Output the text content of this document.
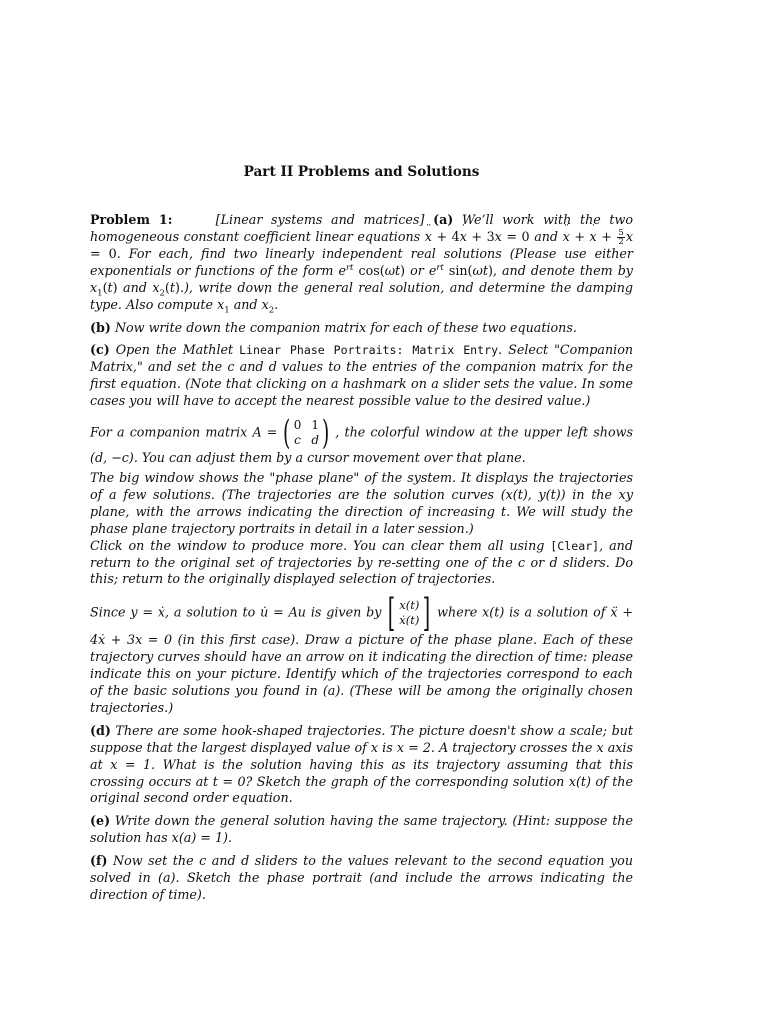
Part II Problems and Solutions

Problem 1:	[Linear systems and matrices] (a) We’ll work with the two homogeneous constant coefficient linear equations x ¨ + 4x ˙ + 3x = 0 and x ¨ + x ˙ + $\frac{5}{2}$ x = 0. For each, find two linearly independent real solutions (Please use either exponentials or functions of the form $e^{rt}$ cos(ωt) or $e^{rt}$ sin(ωt), and denote them by $x_1(t)$ and $x_2(t)$.), write down the general real solution, and determine the damping type. Also compute x $˙_1$ and x $˙_2$.

(b) Now write down the companion matrix for each of these two equations.

(c) Open the Mathlet Linear Phase Portraits: Matrix Entry. Select "Companion Matrix," and set the c and d values to the entries of the companion matrix for the first equation. (Note that clicking on a hashmark on a slider sets the value. In some cases you will have to accept the nearest possible value to the desired value.)

For a companion matrix A = ( 0 1
c d ) , the colorful window at the upper left shows (d, −c). You can adjust them by a cursor movement over that plane.

The big window shows the "phase plane" of the system. It displays the trajectories of a few solutions. (The trajectories are the solution curves (x(t), y(t)) in the xy plane, with the arrows indicating the direction of increasing t. We will study the phase plane trajectory portraits in detail in a later session.)

Click on the window to produce more. You can clear them all using [Clear], and return to the original set of trajectories by re-setting one of the c or d sliders. Do this; return to the originally displayed selection of trajectories.

Since y = ẋ, a solution to u̇ = Au is given by [ x(t)
ẋ(t) ] where x(t) is a solution of ẍ + 4ẋ + 3x = 0 (in this first case). Draw a picture of the phase plane. Each of these trajectory curves should have an arrow on it indicating the direction of time: please indicate this on your picture. Identify which of the trajectories correspond to each of the basic solutions you found in (a). (These will be among the originally chosen trajectories.)

(d) There are some hook-shaped trajectories. The picture doesn't show a scale; but suppose that the largest displayed value of x is x = 2. A trajectory crosses the x axis at x = 1. What is the solution having this as its trajectory assuming that this crossing occurs at t = 0? Sketch the graph of the corresponding solution x(t) of the original second order equation.

(e) Write down the general solution having the same trajectory. (Hint: suppose the solution has x(a) = 1).

(f) Now set the c and d sliders to the values relevant to the second equation you solved in (a). Sketch the phase portrait (and include the arrows indicating the direction of time).
